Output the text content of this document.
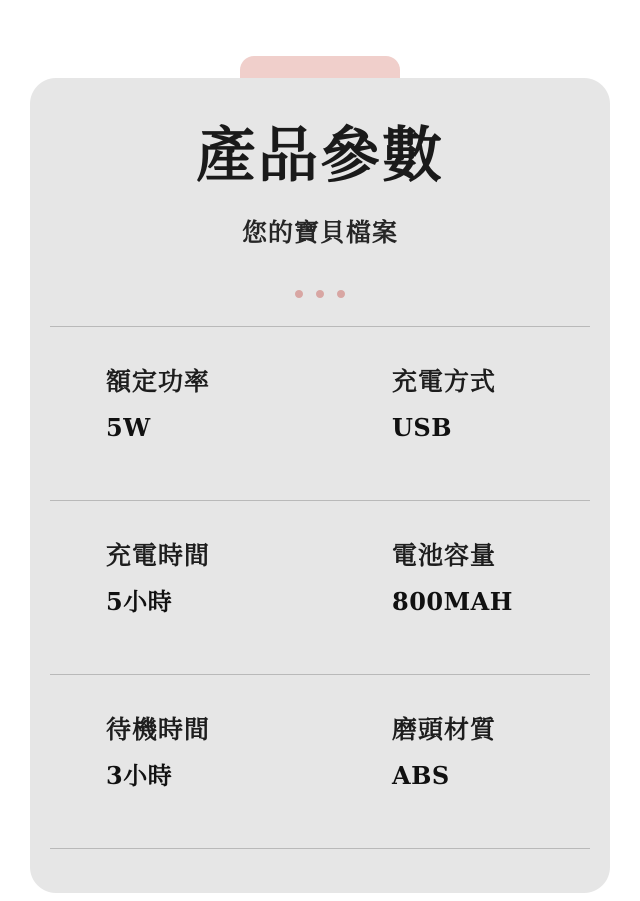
產品參數
您的寶貝檔案

額定功率
5W
充電方式
USB
充電時間
5小時
電池容量
800MAH
待機時間
3小時
磨頭材質
ABS
